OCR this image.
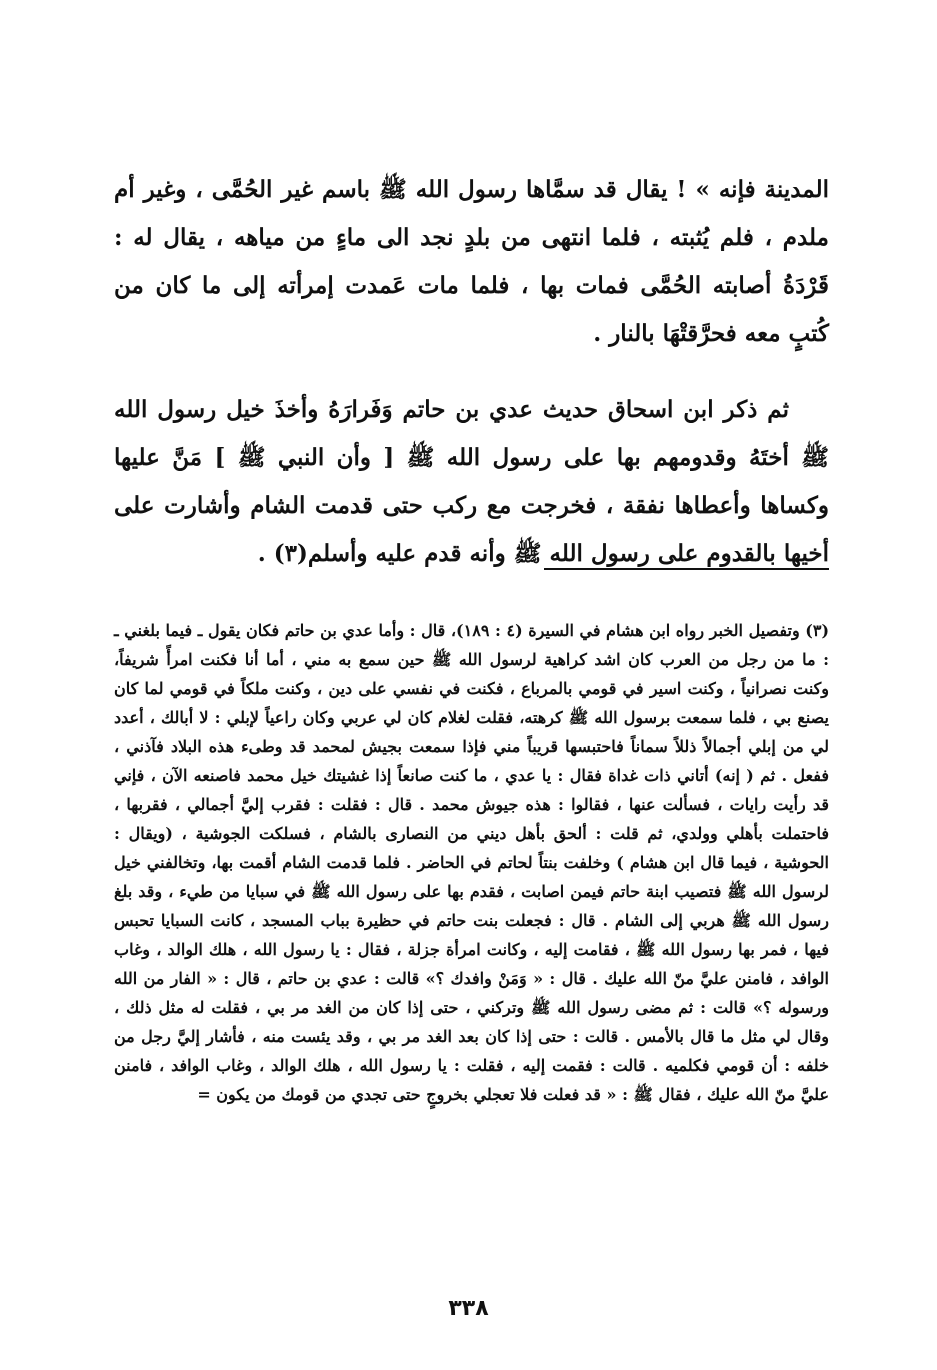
المدينة فإنه » ! يقال قد سمَّاها رسول الله ﷺ باسم غير الحُمَّى ، وغير أم ملدم ، فلم يُثبته ، فلما انتهى من بلدٍ نجد الى ماءٍ من مياهه ، يقال له : قَرْدَةُ أصابته الحُمَّى فمات بها ، فلما مات عَمدت إمرأته إلى ما كان من كُتبٍ معه فحرَّقتْهَا بالنار .

ثم ذكر ابن اسحاق حديث عدي بن حاتم وَفَرارَهُ وأخذَ خيل رسول الله ﷺ أختَهُ وقدومهم بها على رسول الله ﷺ [ وأن النبي ﷺ ] مَنَّ عليها وكساها وأعطاها نفقة ، فخرجت مع ركب حتى قدمت الشام وأشارت على أخيها بالقدوم على رسول الله ﷺ وأنه قدم عليه وأسلم(٣) .

(٣) وتفصيل الخبر رواه ابن هشام في السيرة (٤ : ١٨٩)، قال : وأما عدي بن حاتم فكان يقول ـ فيما بلغني ـ : ما من رجل من العرب كان اشد كراهية لرسول الله ﷺ حين سمع به مني ، أما أنا فكنت امرأً شريفاً، وكنت نصرانياً ، وكنت اسير في قومي بالمرباع ، فكنت في نفسي على دين ، وكنت ملكاً في قومي لما كان يصنع بي ، فلما سمعت برسول الله ﷺ كرهته، فقلت لغلام كان لي عربي وكان راعياً لإبلي : لا أبالك ، أعدد لي من إبلي أجمالاً ذللاً سماناً فاحتبسها قريباً مني فإذا سمعت بجيش لمحمد قد وطىء هذه البلاد فآذني ، ففعل . ثم ( إنه) أتاني ذات غداة فقال : يا عدي ، ما كنت صانعاً إذا غشيتك خيل محمد فاصنعه الآن ، فإني قد رأيت رايات ، فسألت عنها ، فقالوا : هذه جيوش محمد . قال : فقلت : فقرب إليَّ أجمالي ، فقربها ، فاحتملت بأهلي وولدي، ثم قلت : ألحق بأهل ديني من النصارى بالشام ، فسلكت الجوشية ، (ويقال : الحوشية ، فيما قال ابن هشام ) وخلفت بنتاً لحاتم في الحاضر . فلما قدمت الشام أقمت بها، وتخالفني خيل لرسول الله ﷺ فتصيب ابنة حاتم فيمن اصابت ، فقدم بها على رسول الله ﷺ في سبايا من طيء ، وقد بلغ رسول الله ﷺ هربي إلى الشام . قال : فجعلت بنت حاتم في حظيرة بباب المسجد ، كانت السبايا تحبس فيها ، فمر بها رسول الله ﷺ ، فقامت إليه ، وكانت امرأة جزلة ، فقال : يا رسول الله ، هلك الوالد ، وغاب الوافد ، فامنن عليَّ منّ الله عليك . قال : « وَمَنْ وافدك ؟» قالت : عدي بن حاتم ، قال : « الفار من الله ورسوله ؟» قالت : ثم مضى رسول الله ﷺ وتركني ، حتى إذا كان من الغد مر بي ، فقلت له مثل ذلك ، وقال لي مثل ما قال بالأمس . قالت : حتى إذا كان بعد الغد مر بي ، وقد يئست منه ، فأشار إليَّ رجل من خلفه : أن قومي فكلميه . قالت : فقمت إليه ، فقلت : يا رسول الله ، هلك الوالد ، وغاب الوافد ، فامنن عليَّ منّ الله عليك ، فقال ﷺ : « قد فعلت فلا تعجلي بخروجٍ حتى تجدي من قومك من يكون =

٣٣٨
